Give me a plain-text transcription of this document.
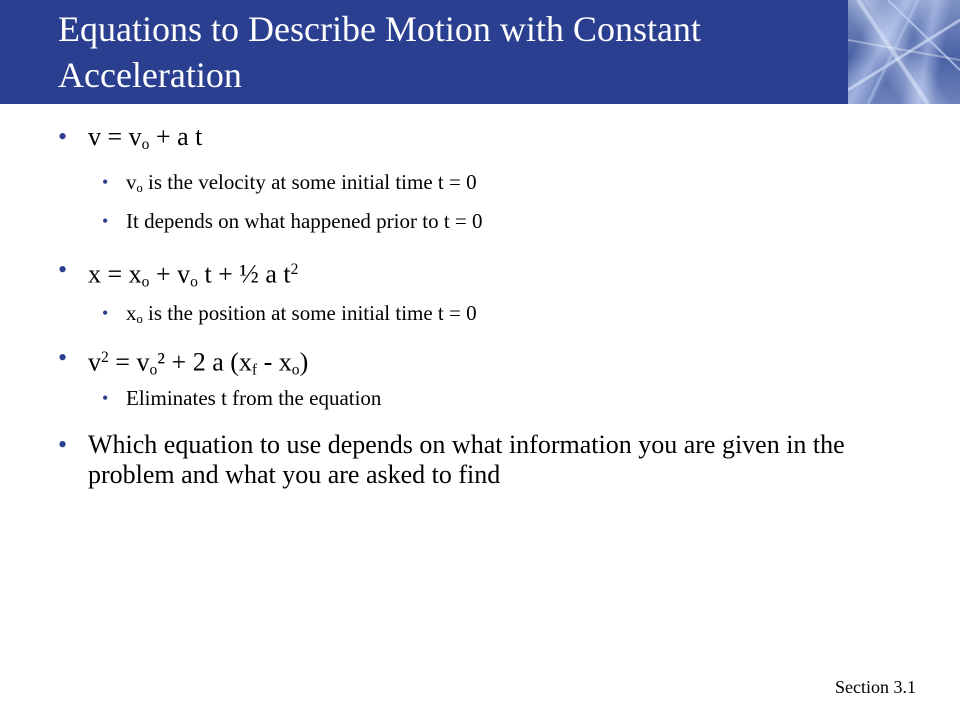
Equations to Describe Motion with Constant Acceleration
• $v = v_o + a$ t
• $v_o$ is the velocity at some initial time t = 0
• It depends on what happened prior to t = 0
• $x = x_o + v_o$ t + ½ a $t^2$
• $x_o$ is the position at some initial time t = 0
• $v^2 = v_o^2 + 2$ a $(x_f - x_o)$
• Eliminates t from the equation
• Which equation to use depends on what information you are given in the problem and what you are asked to find
Section 3.1
